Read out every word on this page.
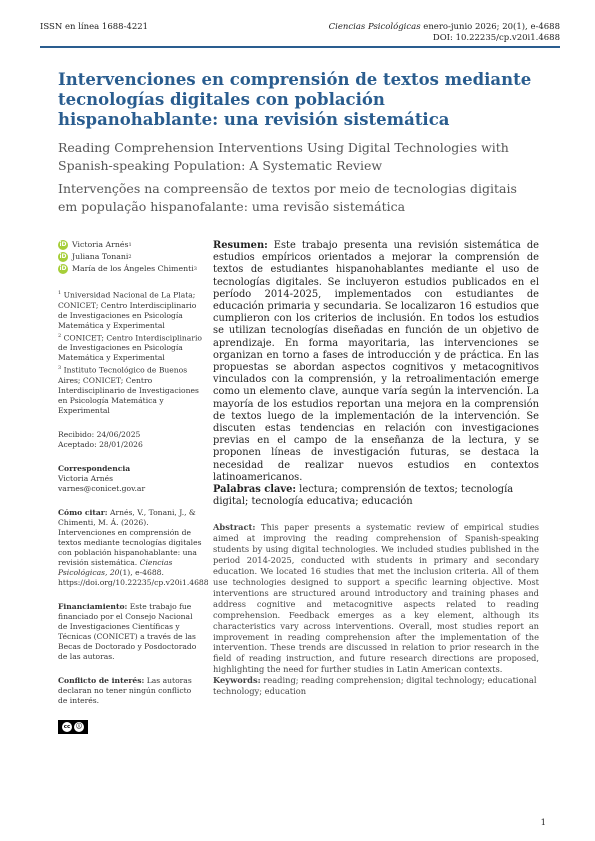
ISSN en línea 1688-4221	Ciencias Psicológicas enero-junio 2026; 20(1), e-4688
DOI: 10.22235/cp.v20i1.4688
Intervenciones en comprensión de textos mediante tecnologías digitales con población hispanohablante: una revisión sistemática
Reading Comprehension Interventions Using Digital Technologies with Spanish-speaking Population: A Systematic Review
Intervenções na compreensão de textos por meio de tecnologias digitais em população hispanofalante: uma revisão sistemática
iD Victoria Arnés 1
iD Juliana Tonani 2
iD María de los Ángeles Chimenti 3
$^1$ Universidad Nacional de La Plata; CONICET; Centro Interdisciplinario de Investigaciones en Psicología Matemática y Experimental
$^2$ CONICET; Centro Interdisciplinario de Investigaciones en Psicología Matemática y Experimental
$^3$ Instituto Tecnológico de Buenos Aires; CONICET; Centro Interdisciplinario de Investigaciones en Psicología Matemática y Experimental
Recibido: 24/06/2025
Aceptado: 28/01/2026
Correspondencia
Victoria Arnés
varnes@conicet.gov.ar
Cómo citar: Arnés, V., Tonani, J., & Chimenti, M. Á. (2026). Intervenciones en comprensión de textos mediante tecnologías digitales con población hispanohablante: una revisión sistemática. Ciencias Psicológicas, 20(1), e-4688. https://doi.org/10.22235/cp.v20i1.4688
Financiamiento: Este trabajo fue financiado por el Consejo Nacional de Investigaciones Científicas y Técnicas (CONICET) a través de las Becas de Doctorado y Posdoctorado de las autoras.
Conflicto de interés: Las autoras declaran no tener ningún conflicto de interés.
cc	ⓘ
Resumen: Este trabajo presenta una revisión sistemática de estudios empíricos orientados a mejorar la comprensión de textos de estudiantes hispanohablantes mediante el uso de tecnologías digitales. Se incluyeron estudios publicados en el período 2014-2025, implementados con estudiantes de educación primaria y secundaria. Se localizaron 16 estudios que cumplieron con los criterios de inclusión. En todos los estudios se utilizan tecnologías diseñadas en función de un objetivo de aprendizaje. En forma mayoritaria, las intervenciones se organizan en torno a fases de introducción y de práctica. En las propuestas se abordan aspectos cognitivos y metacognitivos vinculados con la comprensión, y la retroalimentación emerge como un elemento clave, aunque varía según la intervención. La mayoría de los estudios reportan una mejora en la comprensión de textos luego de la implementación de la intervención. Se discuten estas tendencias en relación con investigaciones previas en el campo de la enseñanza de la lectura, y se proponen líneas de investigación futuras, se destaca la necesidad de realizar nuevos estudios en contextos latinoamericanos.
Palabras clave: lectura; comprensión de textos; tecnología digital; tecnología educativa; educación
Abstract: This paper presents a systematic review of empirical studies aimed at improving the reading comprehension of Spanish-speaking students by using digital technologies. We included studies published in the period 2014-2025, conducted with students in primary and secondary education. We located 16 studies that met the inclusion criteria. All of them use technologies designed to support a specific learning objective. Most interventions are structured around introductory and training phases and address cognitive and metacognitive aspects related to reading comprehension. Feedback emerges as a key element, although its characteristics vary across interventions. Overall, most studies report an improvement in reading comprehension after the implementation of the intervention. These trends are discussed in relation to prior research in the field of reading instruction, and future research directions are proposed, highlighting the need for further studies in Latin American contexts.
Keywords: reading; reading comprehension; digital technology; educational technology; education
1
